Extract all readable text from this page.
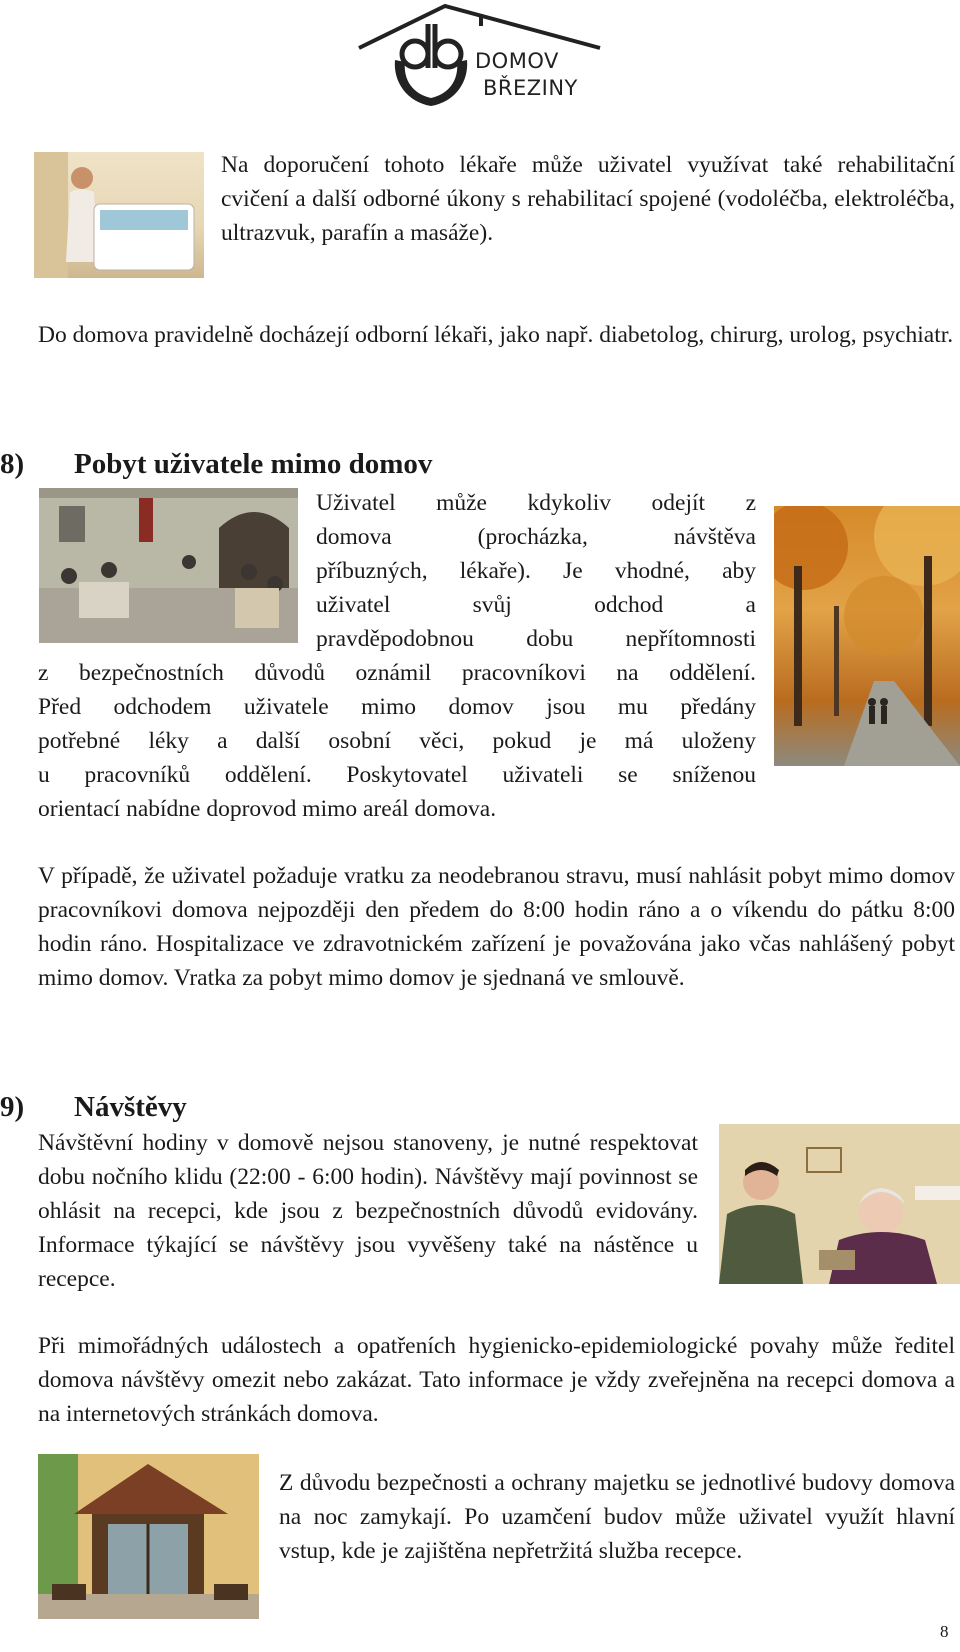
DOMOV
BŘEZINY

Na doporučení tohoto lékaře může uživatel využívat také rehabilitační cvičení a další odborné úkony s rehabilitací spojené (vodoléčba, elektroléčba, ultrazvuk, parafín a masáže).

Do domova pravidelně docházejí odborní lékaři, jako např. diabetolog, chirurg, urolog, psychiatr.

8) Pobyt uživatele mimo domov

Uživatel může kdykoliv odejít z

domova (procházka, návštěva

příbuzných, lékaře). Je vhodné, aby

uživatel svůj odchod a

pravděpodobnou dobu nepřítomnosti

z bezpečnostních důvodů oznámil pracovníkovi na oddělení.

Před odchodem uživatele mimo domov jsou mu předány

potřebné léky a další osobní věci, pokud je má uloženy

u pracovníků oddělení. Poskytovatel uživateli se sníženou

orientací nabídne doprovod mimo areál domova.

V případě, že uživatel požaduje vratku za neodebranou stravu, musí nahlásit pobyt mimo domov pracovníkovi domova nejpozději den předem do 8:00 hodin ráno a o víkendu do pátku 8:00 hodin ráno. Hospitalizace ve zdravotnickém zařízení je považována jako včas nahlášený pobyt mimo domov. Vratka za pobyt mimo domov je sjednaná ve smlouvě.

9) Návštěvy

Návštěvní hodiny v domově nejsou stanoveny, je nutné respektovat dobu nočního klidu (22:00 - 6:00 hodin). Návštěvy mají povinnost se ohlásit na recepci, kde jsou z bezpečnostních důvodů evidovány. Informace týkající se návštěvy jsou vyvěšeny také na nástěnce u recepce.

Při mimořádných událostech a opatřeních hygienicko-epidemiologické povahy může ředitel domova návštěvy omezit nebo zakázat. Tato informace je vždy zveřejněna na recepci domova a na internetových stránkách domova.

Z důvodu bezpečnosti a ochrany majetku se jednotlivé budovy domova na noc zamykají. Po uzamčení budov může uživatel využít hlavní vstup, kde je zajištěna nepřetržitá služba recepce.

8
